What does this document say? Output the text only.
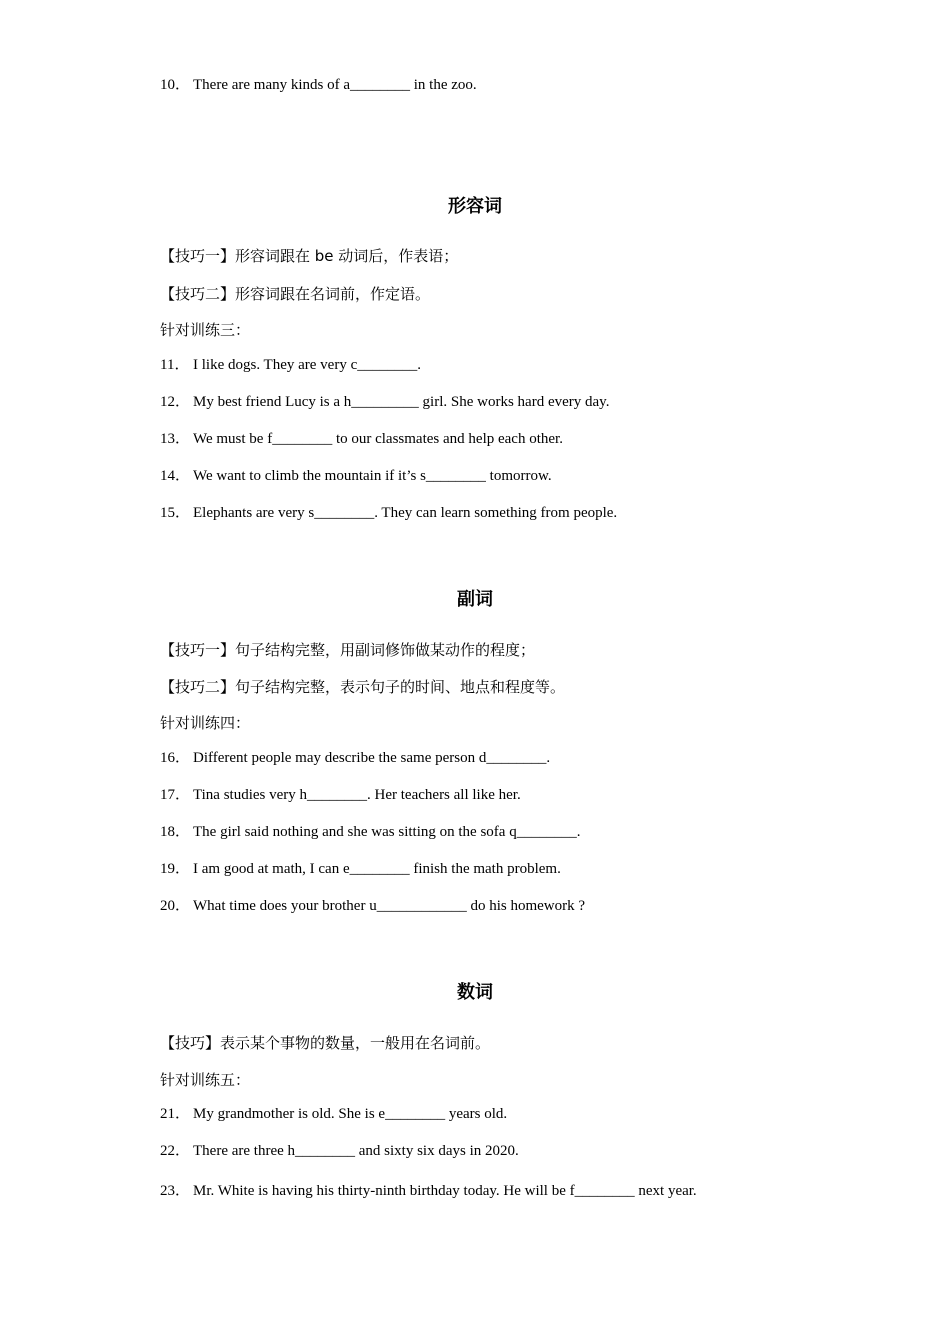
10． There are many kinds of a________ in the zoo.
形容词
【技巧一】形容词跟在 be 动词后，作表语；
【技巧二】形容词跟在名词前，作定语。
针对训练三：
11． I like dogs. They are very c________.
12． My best friend Lucy is a h_________ girl. She works hard every day.
13． We must be f________ to our classmates and help each other.
14． We want to climb the mountain if it’s s________ tomorrow.
15． Elephants are very s________. They can learn something from people.
副词
【技巧一】句子结构完整，用副词修饰做某动作的程度；
【技巧二】句子结构完整，表示句子的时间、地点和程度等。
针对训练四：
16． Different people may describe the same person d________.
17． Tina studies very h________. Her teachers all like her.
18． The girl said nothing and she was sitting on the sofa q________.
19． I am good at math, I can e________ finish the math problem.
20． What time does your brother u____________ do his homework ?
数词
【技巧】表示某个事物的数量，一般用在名词前。
针对训练五：
21． My grandmother is old. She is e________ years old.
22． There are three h________ and sixty six days in 2020.
23． Mr. White is having his thirty-ninth birthday today. He will be f________ next year.
